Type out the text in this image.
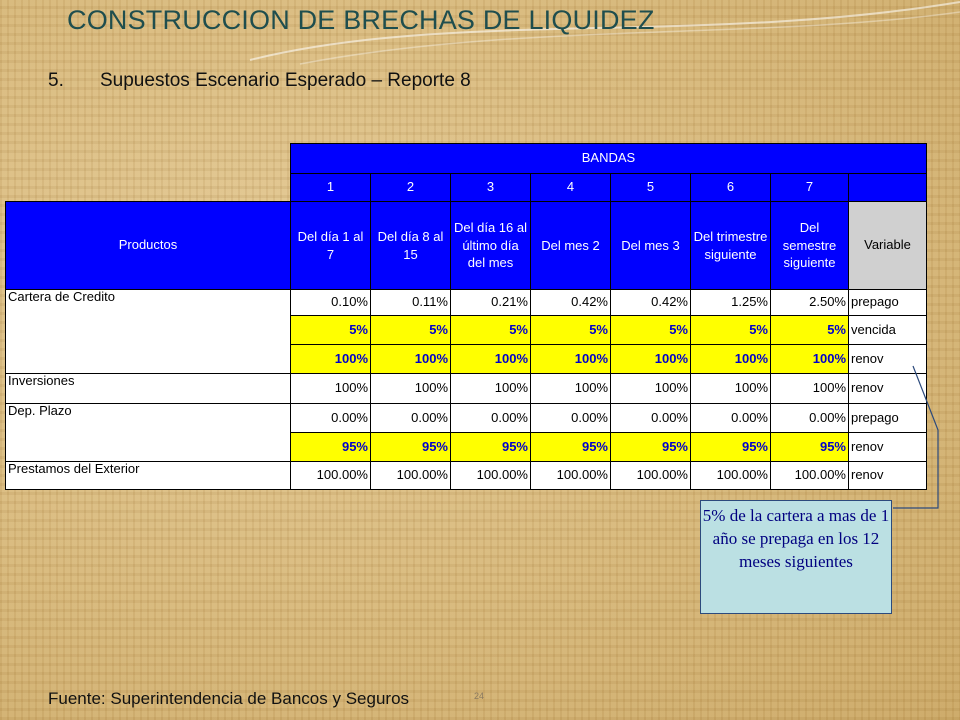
CONSTRUCCION DE BRECHAS DE LIQUIDEZ
5. Supuestos Escenario Esperado – Reporte 8
	BANDAS							
	1	2	3	4	5	6	7	
Productos	Del día 1 al 7	Del día 8 al 15	Del día 16 al último día del mes	Del mes 2	Del mes 3	Del trimestre siguiente	Del semestre siguiente	Variable
Cartera de Credito	0.10%	0.11%	0.21%	0.42%	0.42%	1.25%	2.50%	prepago
	5%	5%	5%	5%	5%	5%	5%	vencida
	100%	100%	100%	100%	100%	100%	100%	renov
Inversiones	100%	100%	100%	100%	100%	100%	100%	renov
Dep. Plazo	0.00%	0.00%	0.00%	0.00%	0.00%	0.00%	0.00%	prepago
	95%	95%	95%	95%	95%	95%	95%	renov
Prestamos del Exterior	100.00%	100.00%	100.00%	100.00%	100.00%	100.00%	100.00%	renov
5% de la cartera a mas de 1 año se prepaga en los 12 meses siguientes
Fuente: Superintendencia de Bancos y Seguros	24
